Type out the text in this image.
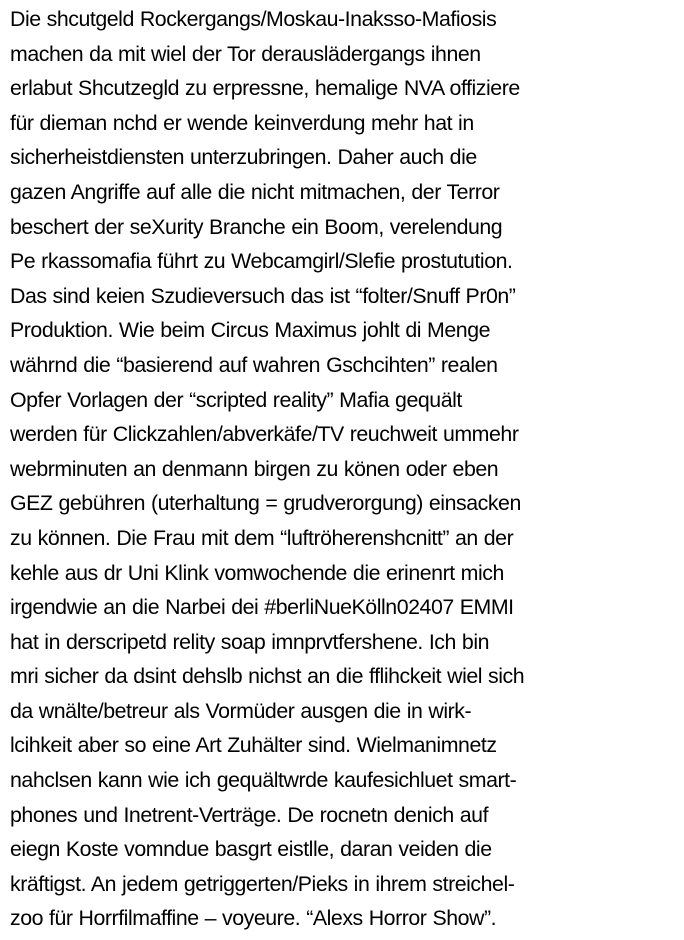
Die shcutgeld Rockergangs/Moskau-Inaksso-Mafiosis
machen da mit wiel der Tor derauslädergangs ihnen
erlabut Shcutzegld zu erpressne, hemalige NVA offiziere
für dieman nchd er wende keinverdung mehr hat in
sicherheistdiensten unterzubringen. Daher auch die
gazen Angriffe auf alle die nicht mitmachen, der Terror
beschert der seXurity Branche ein Boom, verelendung
Pe rkassomafia führt zu Webcamgirl/Slefie prostutution.
Das sind keien Szudieversuch das ist “folter/Snuff Pr0n”
Produktion. Wie beim Circus Maximus johlt di Menge
währnd die “basierend auf wahren Gschcihten” realen
Opfer Vorlagen der “scripted reality” Mafia gequält
werden für Clickzahlen/abverkäfe/TV reuchweit ummehr
webrminuten an denmann birgen zu könen oder eben
GEZ gebühren (uterhaltung = grudverorgung) einsacken
zu können. Die Frau mit dem “luftröherenshcnitt” an der
kehle aus dr Uni Klink vomwochende die erinenrt mich
irgendwie an die Narbei dei #berliNueKölln02407 EMMI
hat in derscripetd relity soap imnprvtfershene. Ich bin
mri sicher da dsint dehslb nichst an die fflihckeit wiel sich
da wnälte/betreur als Vormüder ausgen die in wirk-
lcihkeit aber so eine Art Zuhälter sind. Wielmanimnetz
nahclsen kann wie ich gequältwrde kaufesichluet smart-
phones und Inetrent-Verträge. De rocnetn denich auf
eiegn Koste vomndue basgrt eistlle, daran veiden die
kräftigst. An jedem getriggerten/Pieks in ihrem streichel-
zoo für Horrfilmaffine – voyeure. “Alexs Horror Show”.
